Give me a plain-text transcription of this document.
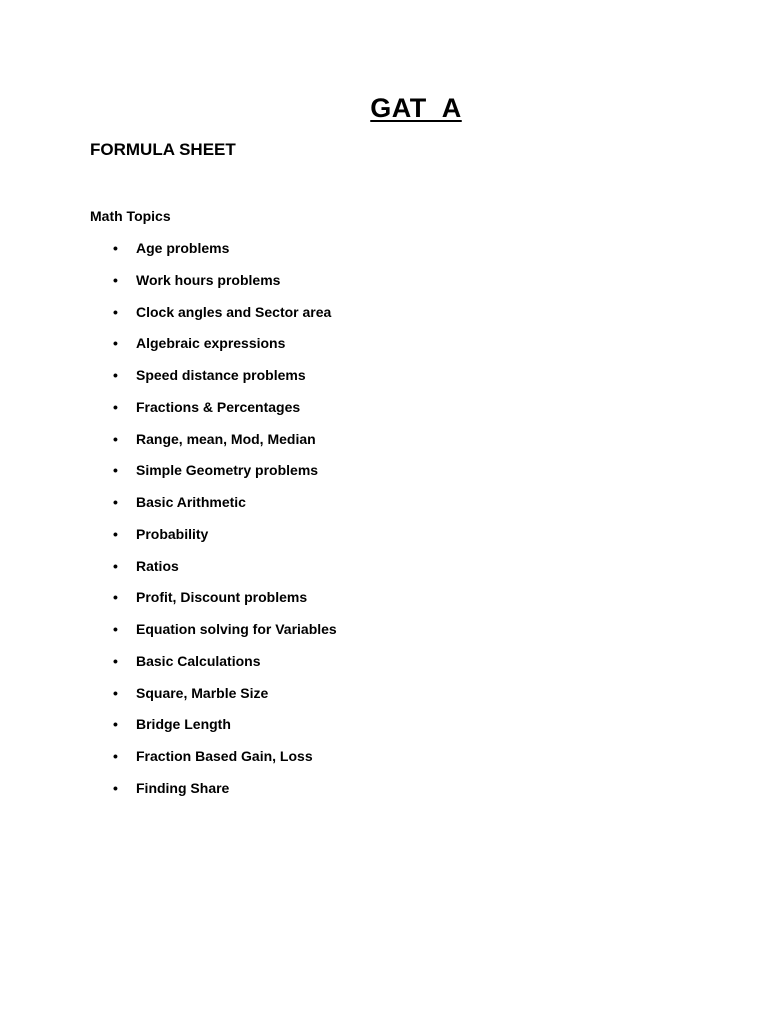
GAT  A
FORMULA SHEET
Math Topics
• Age problems
• Work hours problems
• Clock angles and Sector area
• Algebraic expressions
• Speed distance problems
• Fractions & Percentages
• Range, mean, Mod, Median
• Simple Geometry problems
• Basic Arithmetic
• Probability
• Ratios
• Profit, Discount problems
• Equation solving for Variables
• Basic Calculations
• Square, Marble Size
• Bridge Length
• Fraction Based Gain, Loss
• Finding Share
